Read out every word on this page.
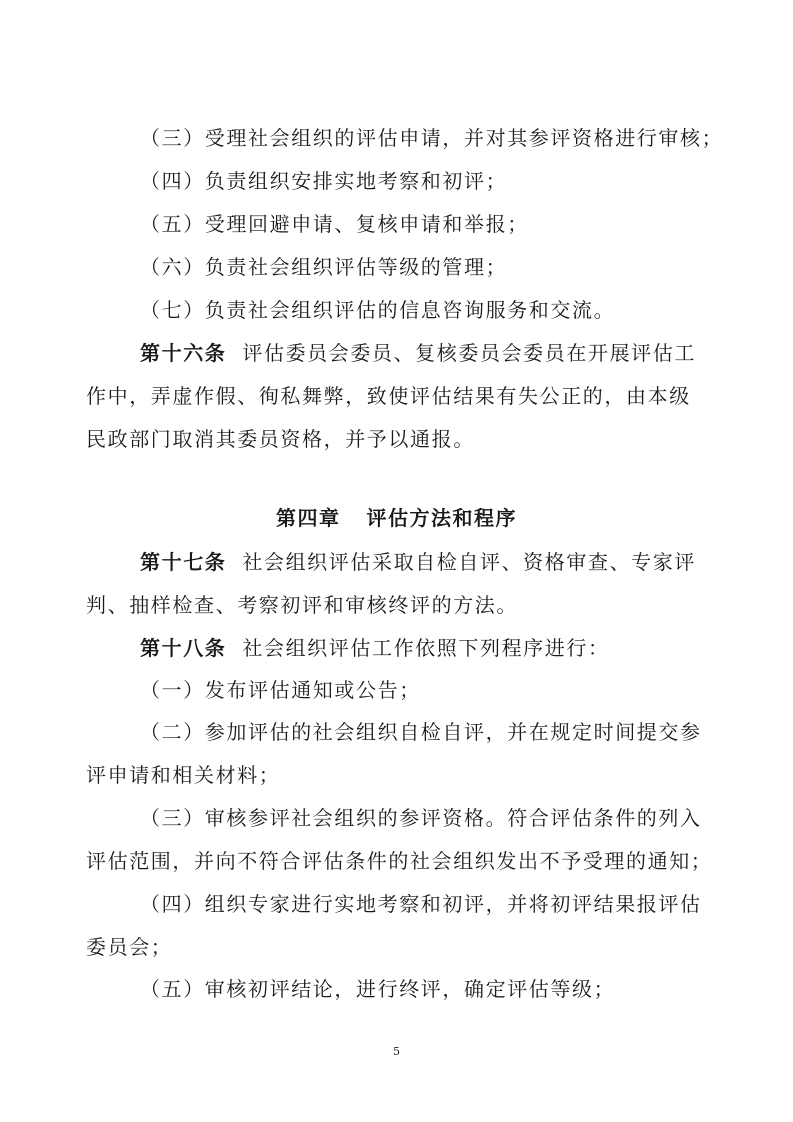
（三）受理社会组织的评估申请，并对其参评资格进行审核；
（四）负责组织安排实地考察和初评；
（五）受理回避申请、复核申请和举报；
（六）负责社会组织评估等级的管理；
（七）负责社会组织评估的信息咨询服务和交流。
第十六条 评估委员会委员、复核委员会委员在开展评估工
作中，弄虚作假、徇私舞弊，致使评估结果有失公正的，由本级
民政部门取消其委员资格，并予以通报。
第四章 评估方法和程序
第十七条 社会组织评估采取自检自评、资格审查、专家评
判、抽样检查、考察初评和审核终评的方法。
第十八条 社会组织评估工作依照下列程序进行：
（一）发布评估通知或公告；
（二）参加评估的社会组织自检自评，并在规定时间提交参
评申请和相关材料；
（三）审核参评社会组织的参评资格。符合评估条件的列入
评估范围，并向不符合评估条件的社会组织发出不予受理的通知；
（四）组织专家进行实地考察和初评，并将初评结果报评估
委员会；
（五）审核初评结论，进行终评，确定评估等级；
5
